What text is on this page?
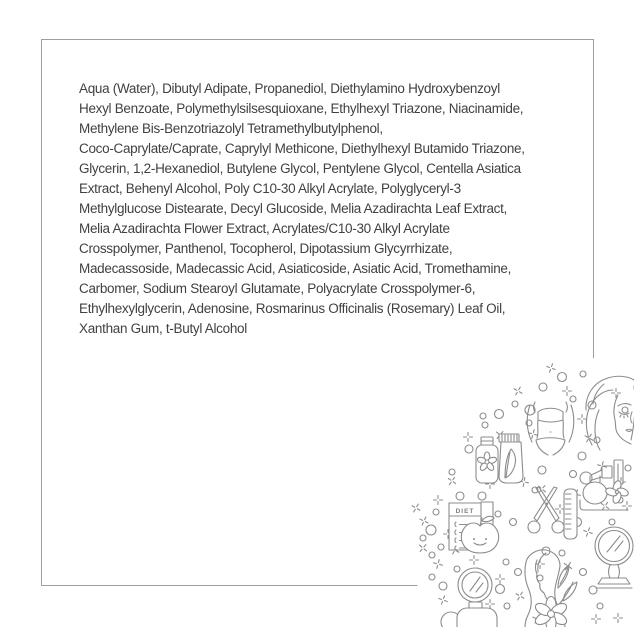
Aqua (Water), Dibutyl Adipate, Propanediol, Diethylamino Hydroxybenzoyl
Hexyl Benzoate, Polymethylsilsesquioxane, Ethylhexyl Triazone, Niacinamide,
Methylene Bis-Benzotriazolyl Tetramethylbutylphenol,
Coco-Caprylate/Caprate, Caprylyl Methicone, Diethylhexyl Butamido Triazone,
Glycerin, 1,2-Hexanediol, Butylene Glycol, Pentylene Glycol, Centella Asiatica
Extract, Behenyl Alcohol, Poly C10-30 Alkyl Acrylate, Polyglyceryl-3
Methylglucose Distearate, Decyl Glucoside, Melia Azadirachta Leaf Extract,
Melia Azadirachta Flower Extract, Acrylates/C10-30 Alkyl Acrylate
Crosspolymer, Panthenol, Tocopherol, Dipotassium Glycyrrhizate,
Madecassoside, Madecassic Acid, Asiaticoside, Asiatic Acid, Tromethamine,
Carbomer, Sodium Stearoyl Glutamate, Polyacrylate Crosspolymer-6,
Ethylhexylglycerin, Adenosine, Rosmarinus Officinalis (Rosemary) Leaf Oil,
Xanthan Gum, t-Butyl Alcohol
DIET
